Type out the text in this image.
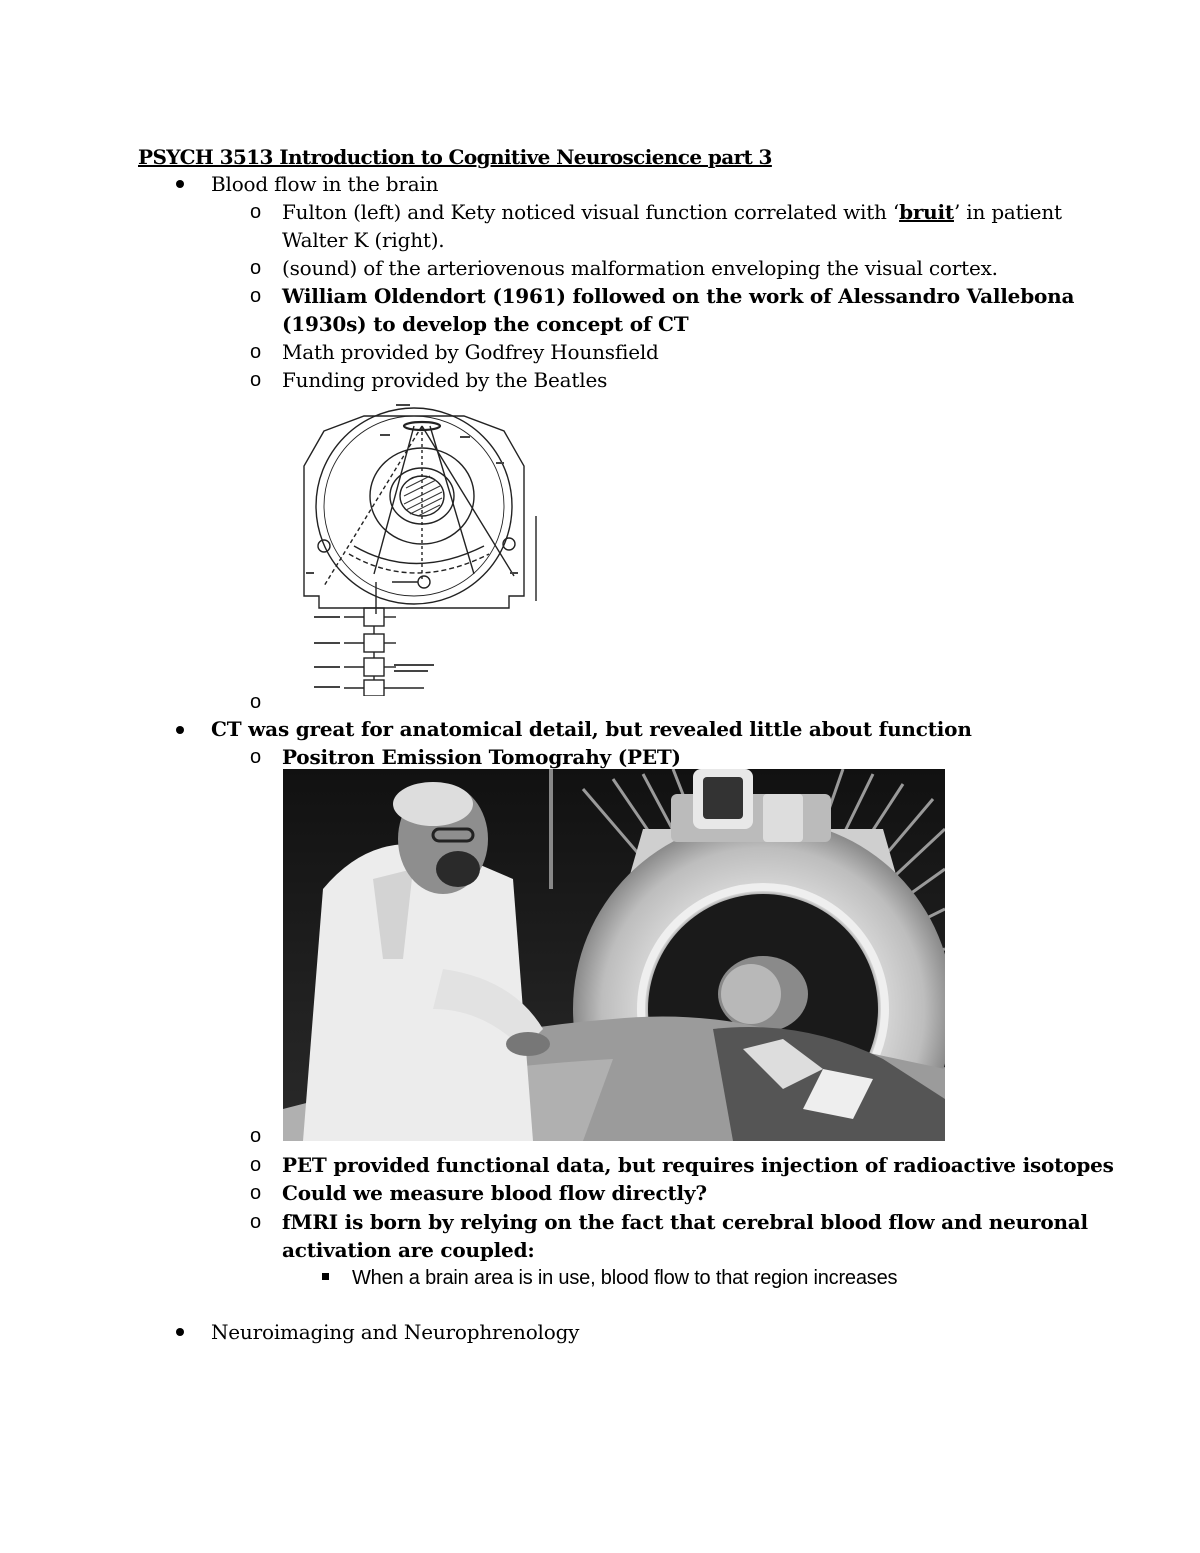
PSYCH 3513 Introduction to Cognitive Neuroscience part 3
Blood flow in the brain
o Fulton (left) and Kety noticed visual function correlated with ‘bruit’ in patient
Walter K (right).
o (sound) of the arteriovenous malformation enveloping the visual cortex.
o William Oldendort (1961) followed on the work of Alessandro Vallebona
(1930s) to develop the concept of CT
o Math provided by Godfrey Hounsfield
o Funding provided by the Beatles
o
CT was great for anatomical detail, but revealed little about function
o Positron Emission Tomograhy (PET)
o
o PET provided functional data, but requires injection of radioactive isotopes
o Could we measure blood flow directly?
o fMRI is born by relying on the fact that cerebral blood flow and neuronal
activation are coupled:
When a brain area is in use, blood flow to that region increases
Neuroimaging and Neurophrenology
